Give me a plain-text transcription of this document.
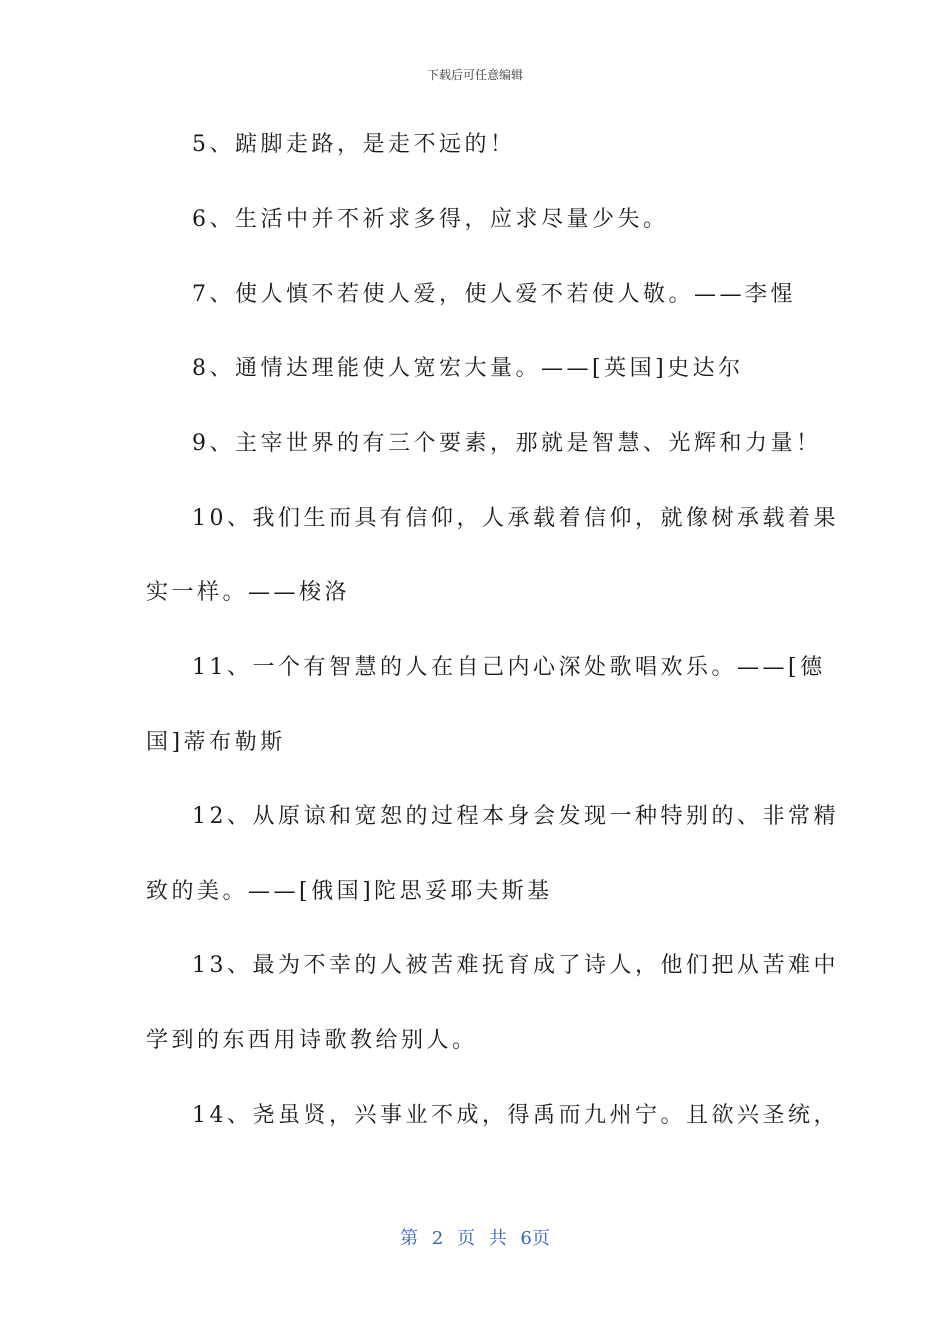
下载后可任意编辑
5、踮脚走路，是走不远的！
6、生活中并不祈求多得，应求尽量少失。
7、使人慎不若使人爱，使人爱不若使人敬。——李惺
8、通情达理能使人宽宏大量。——[英国]史达尔
9、主宰世界的有三个要素，那就是智慧、光辉和力量！
10、我们生而具有信仰，人承载着信仰，就像树承载着果
实一样。——梭洛
11、一个有智慧的人在自己内心深处歌唱欢乐。——[德
国]蒂布勒斯
12、从原谅和宽恕的过程本身会发现一种特别的、非常精
致的美。——[俄国]陀思妥耶夫斯基
13、最为不幸的人被苦难抚育成了诗人，他们把从苦难中
学到的东西用诗歌教给别人。
14、尧虽贤，兴事业不成，得禹而九州宁。且欲兴圣统，
第 2 页 共 6页
